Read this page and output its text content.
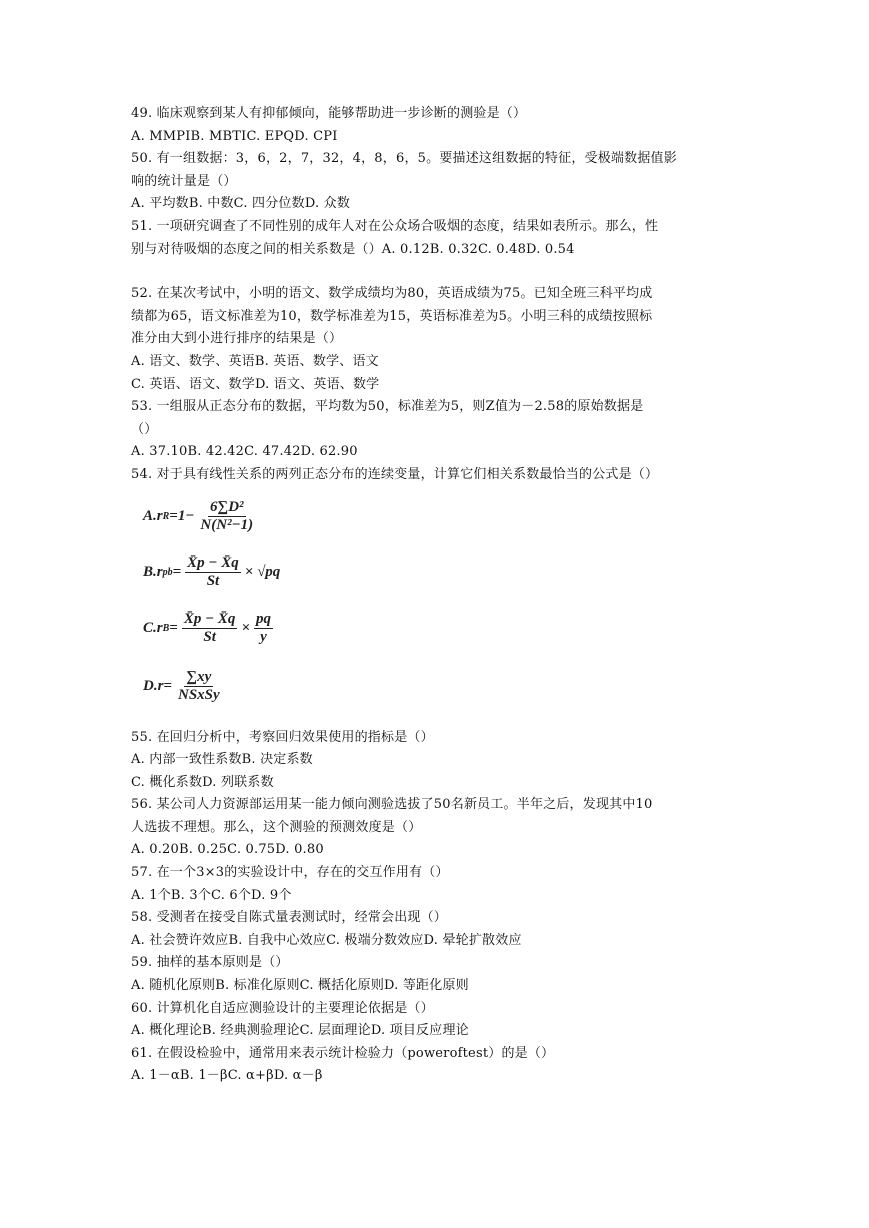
49. 临床观察到某人有抑郁倾向，能够帮助进一步诊断的测验是（）
A. MMPIB. MBTIC. EPQD. CPI
50. 有一组数据：3，6，2，7，32，4，8，6，5。要描述这组数据的特征，受极端数据值影
响的统计量是（）
A. 平均数B. 中数C. 四分位数D. 众数
51. 一项研究调查了不同性别的成年人对在公众场合吸烟的态度，结果如表所示。那么，性
别与对待吸烟的态度之间的相关系数是（）A. 0.12B. 0.32C. 0.48D. 0.54
52. 在某次考试中，小明的语文、数学成绩均为80，英语成绩为75。已知全班三科平均成
绩都为65，语文标准差为10，数学标准差为15，英语标准差为5。小明三科的成绩按照标
准分由大到小进行排序的结果是（）
A. 语文、数学、英语B. 英语、数学、语文
C. 英语、语文、数学D. 语文、英语、数学
53. 一组服从正态分布的数据，平均数为50，标准差为5，则Z值为－2.58的原始数据是
（）
A. 37.10B. 42.42C. 47.42D. 62.90
54. 对于具有线性关系的两列正态分布的连续变量，计算它们相关系数最恰当的公式是（）
A.r $R =1- \frac{\text{6∑D²}}{\text{N(N²−1)}}$
B.r pb = $\frac{X̄p - X̄q}{St} \times √pq$
C.r $B = \frac{X̄p - X̄q}{St} \times \frac{pq}{y}$
$D.r = \frac{\sum xy}{\text{NSxSy}}$
55. 在回归分析中，考察回归效果使用的指标是（）
A. 内部一致性系数B. 决定系数
C. 概化系数D. 列联系数
56. 某公司人力资源部运用某一能力倾向测验选拔了50名新员工。半年之后，发现其中10
人选拔不理想。那么，这个测验的预测效度是（）
A. 0.20B. 0.25C. 0.75D. 0.80
57. 在一个3×3的实验设计中，存在的交互作用有（）
A. 1个B. 3个C. 6个D. 9个
58. 受测者在接受自陈式量表测试时，经常会出现（）
A. 社会赞许效应B. 自我中心效应C. 极端分数效应D. 晕轮扩散效应
59. 抽样的基本原则是（）
A. 随机化原则B. 标准化原则C. 概括化原则D. 等距化原则
60. 计算机化自适应测验设计的主要理论依据是（）
A. 概化理论B. 经典测验理论C. 层面理论D. 项目反应理论
61. 在假设检验中，通常用来表示统计检验力（poweroftest）的是（）
A. 1－αB. 1－βC. α+βD. α－β
